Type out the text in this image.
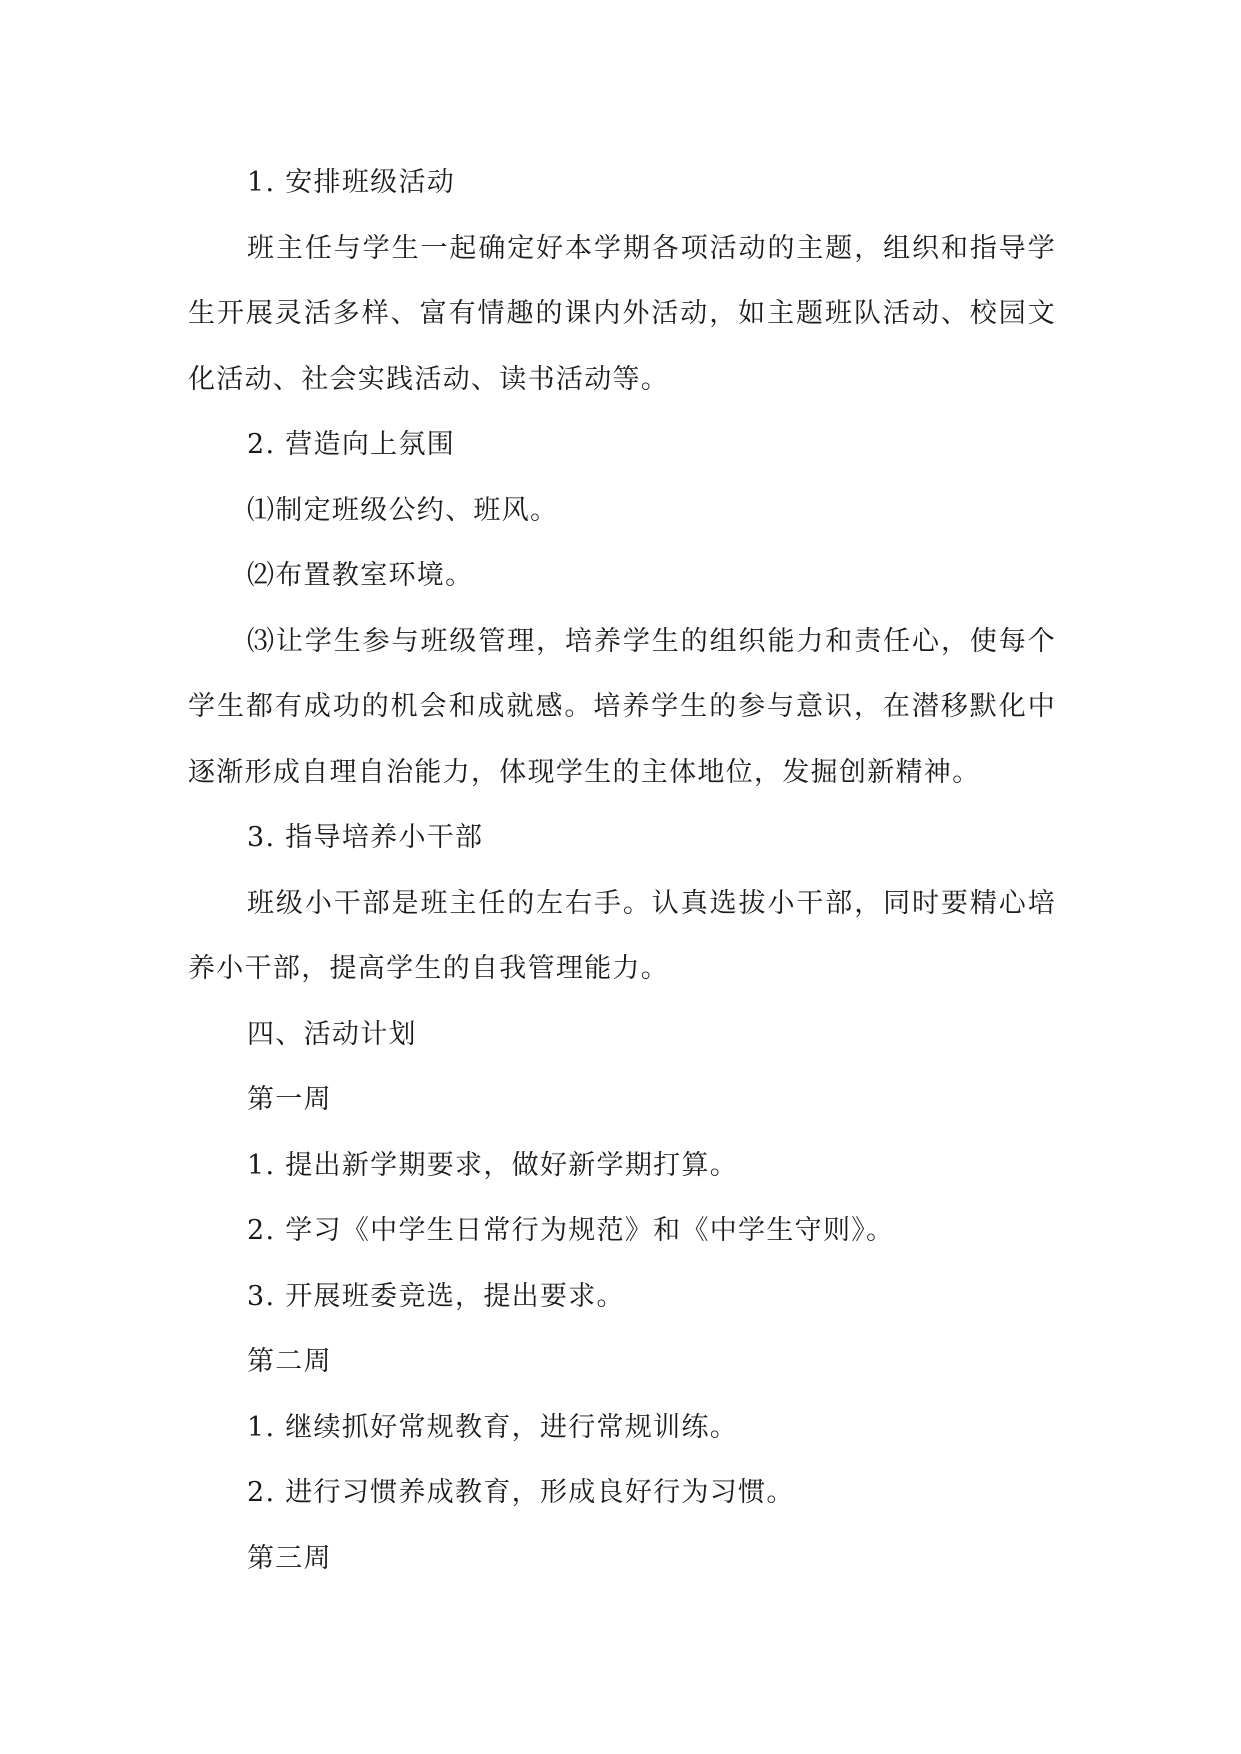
1. 安排班级活动

班主任与学生一起确定好本学期各项活动的主题，组织和指导学生开展灵活多样、富有情趣的课内外活动，如主题班队活动、校园文化活动、社会实践活动、读书活动等。

2. 营造向上氛围

⑴制定班级公约、班风。

⑵布置教室环境。

⑶让学生参与班级管理，培养学生的组织能力和责任心，使每个学生都有成功的机会和成就感。培养学生的参与意识，在潜移默化中逐渐形成自理自治能力，体现学生的主体地位，发掘创新精神。

3. 指导培养小干部

班级小干部是班主任的左右手。认真选拔小干部，同时要精心培养小干部，提高学生的自我管理能力。

四、活动计划

第一周

1. 提出新学期要求，做好新学期打算。

2. 学习《中学生日常行为规范》和《中学生守则》。

3. 开展班委竞选，提出要求。

第二周

1. 继续抓好常规教育，进行常规训练。

2. 进行习惯养成教育，形成良好行为习惯。

第三周
